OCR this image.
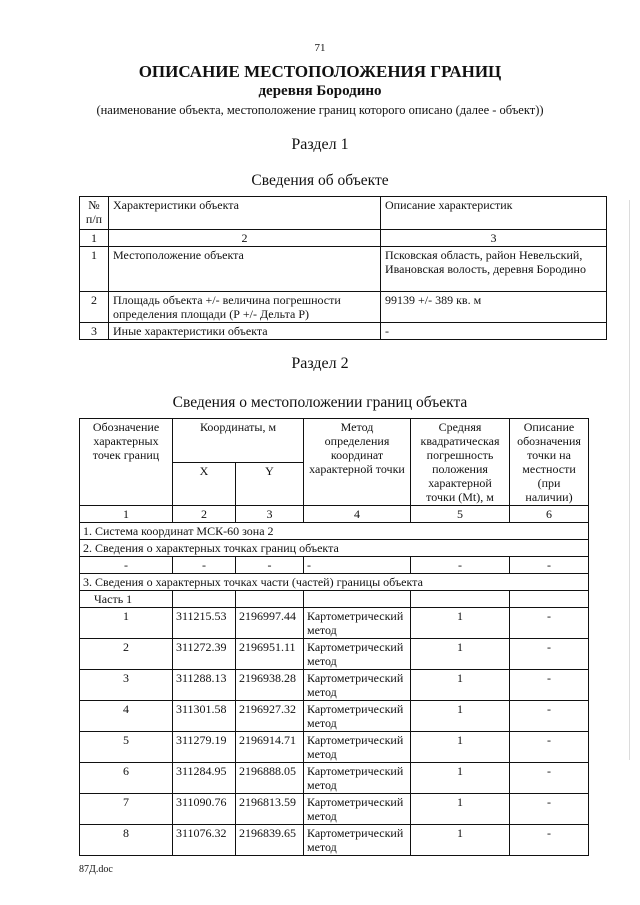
71
ОПИСАНИЕ МЕСТОПОЛОЖЕНИЯ ГРАНИЦ
деревня Бородино
(наименование объекта, местоположение границ которого описано (далее - объект))
Раздел 1
Сведения об объекте
№ п/п	Характеристики объекта	Описание характеристик
1	2	3
1	Местоположение объекта	Псковская область, район Невельский, Ивановская волость, деревня Бородино
2	Площадь объекта +/- величина погрешности определения площади (Р +/- Дельта Р)	99139 +/- 389 кв. м
3	Иные характеристики объекта	-
Раздел 2
Сведения о местоположении границ объекта
Обозначение характерных точек границ	Координаты, м		Метод определения координат характерной точки	Средняя квадратическая погрешность положения характерной точки (Mt), м	Описание обозначения точки на местности (при наличии)
	X	Y			
1	2	3	4	5	6
1. Система координат МСК-60 зона 2					
2. Сведения о характерных точках границ объекта					
-	-	-	-	-	-
3. Сведения о характерных точках части (частей) границы объекта					
Часть 1					
1	311215.53	2196997.44	Картометрический метод	1	-
2	311272.39	2196951.11	Картометрический метод	1	-
3	311288.13	2196938.28	Картометрический метод	1	-
4	311301.58	2196927.32	Картометрический метод	1	-
5	311279.19	2196914.71	Картометрический метод	1	-
6	311284.95	2196888.05	Картометрический метод	1	-
7	311090.76	2196813.59	Картометрический метод	1	-
8	311076.32	2196839.65	Картометрический метод	1	-
87Д.doc
